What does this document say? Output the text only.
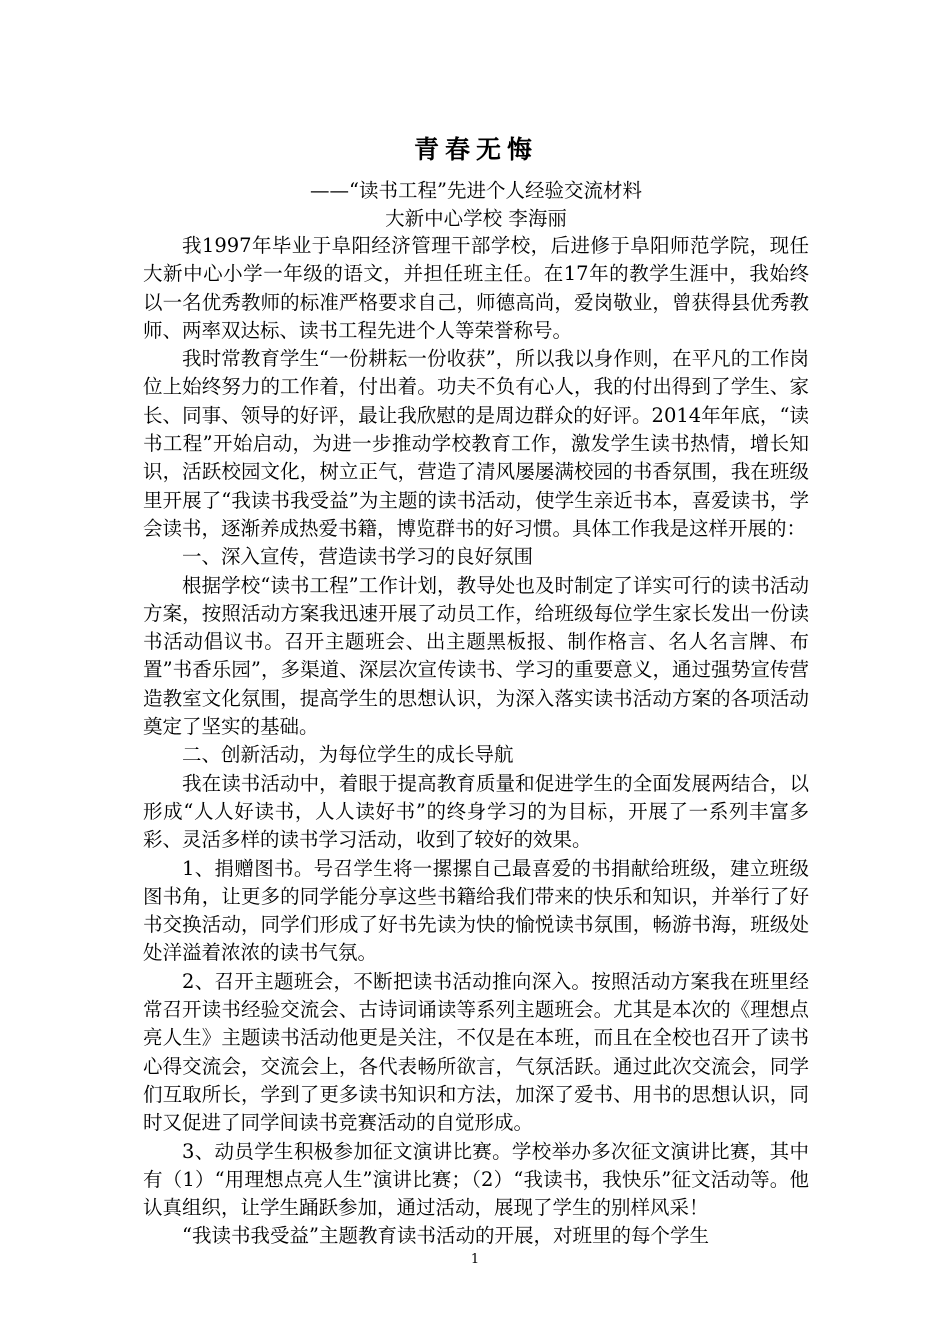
青春无悔

——“读书工程”先进个人经验交流材料

大新中心学校 李海丽

我1997年毕业于阜阳经济管理干部学校，后进修于阜阳师范学院，现任大新中心小学一年级的语文，并担任班主任。在17年的教学生涯中，我始终以一名优秀教师的标准严格要求自己，师德高尚，爱岗敬业，曾获得县优秀教师、两率双达标、读书工程先进个人等荣誉称号。

我时常教育学生“一份耕耘一份收获”，所以我以身作则，在平凡的工作岗位上始终努力的工作着，付出着。功夫不负有心人，我的付出得到了学生、家长、同事、领导的好评，最让我欣慰的是周边群众的好评。2014年年底，“读书工程”开始启动，为进一步推动学校教育工作，激发学生读书热情，增长知识，活跃校园文化，树立正气，营造了清风屡屡满校园的书香氛围，我在班级里开展了“我读书我受益”为主题的读书活动，使学生亲近书本，喜爱读书，学会读书，逐渐养成热爱书籍，博览群书的好习惯。具体工作我是这样开展的：

一、深入宣传，营造读书学习的良好氛围

根据学校“读书工程”工作计划，教导处也及时制定了详实可行的读书活动方案，按照活动方案我迅速开展了动员工作，给班级每位学生家长发出一份读书活动倡议书。召开主题班会、出主题黑板报、制作格言、名人名言牌、布置”书香乐园”，多渠道、深层次宣传读书、学习的重要意义，通过强势宣传营造教室文化氛围，提高学生的思想认识，为深入落实读书活动方案的各项活动奠定了坚实的基础。

二、创新活动，为每位学生的成长导航

我在读书活动中，着眼于提高教育质量和促进学生的全面发展两结合，以形成“人人好读书，人人读好书”的终身学习的为目标，开展了一系列丰富多彩、灵活多样的读书学习活动，收到了较好的效果。

1、捐赠图书。号召学生将一摞摞自己最喜爱的书捐献给班级，建立班级图书角，让更多的同学能分享这些书籍给我们带来的快乐和知识，并举行了好书交换活动，同学们形成了好书先读为快的愉悦读书氛围，畅游书海，班级处处洋溢着浓浓的读书气氛。

2、召开主题班会，不断把读书活动推向深入。按照活动方案我在班里经常召开读书经验交流会、古诗词诵读等系列主题班会。尤其是本次的《理想点亮人生》主题读书活动他更是关注，不仅是在本班，而且在全校也召开了读书心得交流会，交流会上，各代表畅所欲言，气氛活跃。通过此次交流会，同学们互取所长，学到了更多读书知识和方法，加深了爱书、用书的思想认识，同时又促进了同学间读书竞赛活动的自觉形成。

3、动员学生积极参加征文演讲比赛。学校举办多次征文演讲比赛，其中有（1）“用理想点亮人生”演讲比赛；（2）“我读书，我快乐”征文活动等。他认真组织，让学生踊跃参加，通过活动，展现了学生的别样风采！

“我读书我受益”主题教育读书活动的开展，对班里的每个学生

1
